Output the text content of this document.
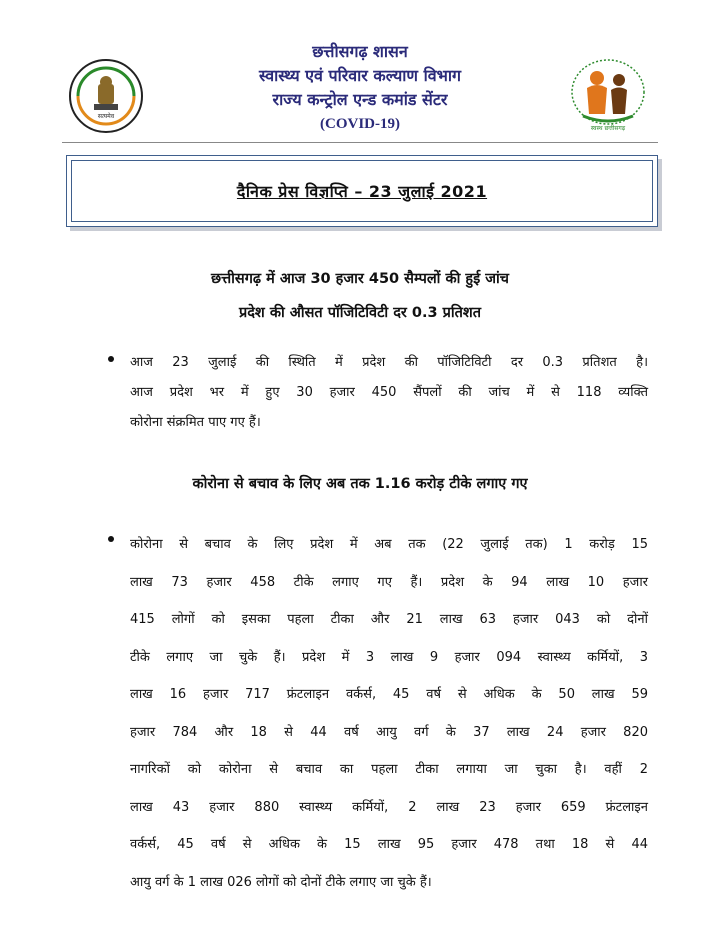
सत्यमेव
छत्तीसगढ़ शासन
स्वास्थ्य एवं परिवार कल्याण विभाग
राज्य कन्ट्रोल एन्ड कमांड सेंटर
(COVID-19)	स्वस्थ छत्तीसगढ़
दैनिक प्रेस विज्ञप्ति – 23 जुलाई 2021
छत्तीसगढ़ में आज 30 हजार 450 सैम्पलों की हुई जांच
प्रदेश की औसत पॉजिटिविटी दर 0.3 प्रतिशत
आज 23 जुलाई की स्थिति में प्रदेश की पॉजिटिविटी दर 0.3 प्रतिशत है।
आज प्रदेश भर में हुए 30 हजार 450 सैंपलों की जांच में से 118 व्यक्ति
कोरोना संक्रमित पाए गए हैं।
कोरोना से बचाव के लिए अब तक 1.16 करोड़ टीके लगाए गए
कोरोना से बचाव के लिए प्रदेश में अब तक (22 जुलाई तक) 1 करोड़ 15
लाख 73 हजार 458 टीके लगाए गए हैं। प्रदेश के 94 लाख 10 हजार
415 लोगों को इसका पहला टीका और 21 लाख 63 हजार 043 को दोनों
टीके लगाए जा चुके हैं। प्रदेश में 3 लाख 9 हजार 094 स्वास्थ्य कर्मियों, 3
लाख 16 हजार 717 फ्रंटलाइन वर्कर्स, 45 वर्ष से अधिक के 50 लाख 59
हजार 784 और 18 से 44 वर्ष आयु वर्ग के 37 लाख 24 हजार 820
नागरिकों को कोरोना से बचाव का पहला टीका लगाया जा चुका है। वहीं 2
लाख 43 हजार 880 स्वास्थ्य कर्मियों, 2 लाख 23 हजार 659 फ्रंटलाइन
वर्कर्स, 45 वर्ष से अधिक के 15 लाख 95 हजार 478 तथा 18 से 44
आयु वर्ग के 1 लाख 026 लोगों को दोनों टीके लगाए जा चुके हैं।
